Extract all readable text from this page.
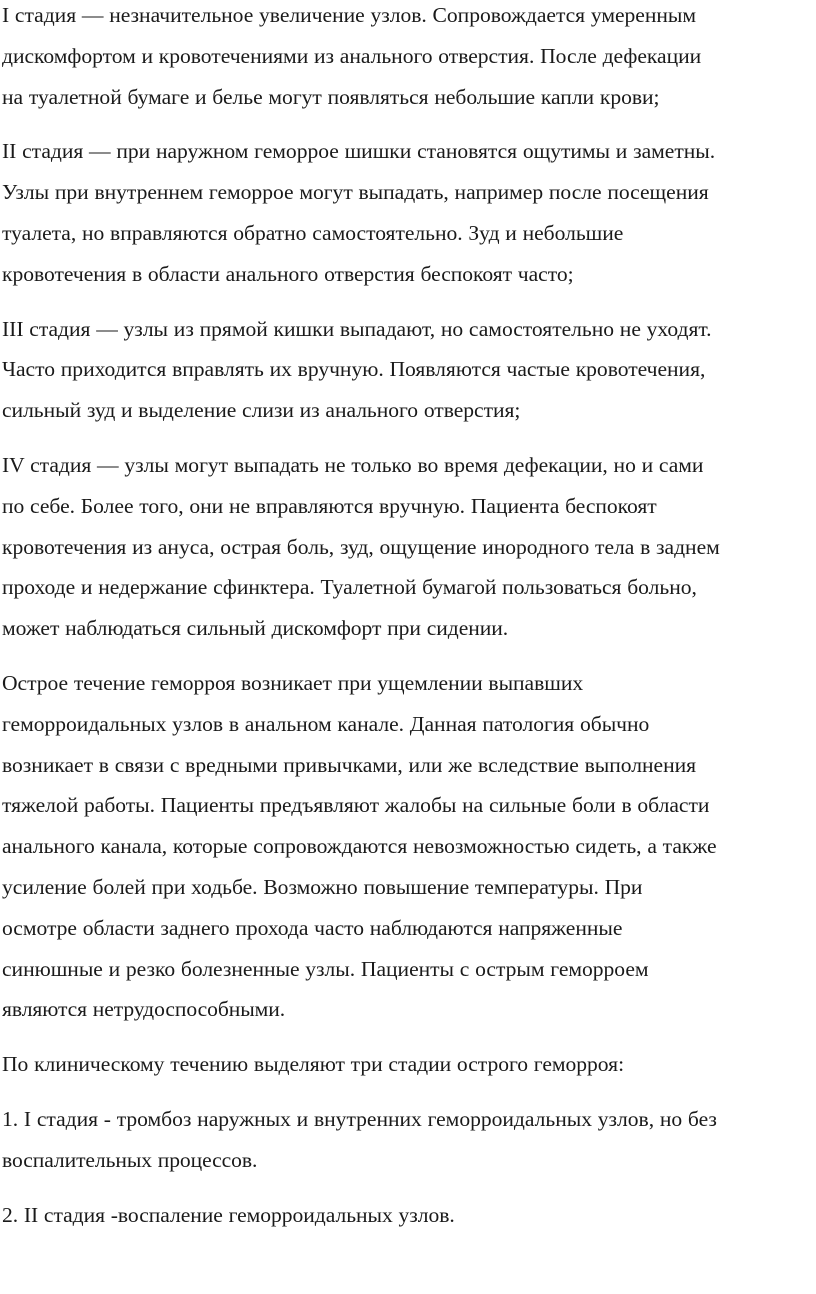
I стадия — незначительное увеличение узлов. Сопровождается умеренным
дискомфортом и кровотечениями из анального отверстия. После дефекации
на туалетной бумаге и белье могут появляться небольшие капли крови;

II стадия — при наружном геморрое шишки становятся ощутимы и заметны.
Узлы при внутреннем геморрое могут выпадать, например после посещения
туалета, но вправляются обратно самостоятельно. Зуд и небольшие
кровотечения в области анального отверстия беспокоят часто;

III стадия — узлы из прямой кишки выпадают, но самостоятельно не уходят.
Часто приходится вправлять их вручную. Появляются частые кровотечения,
сильный зуд и выделение слизи из анального отверстия;

IV стадия — узлы могут выпадать не только во время дефекации, но и сами
по себе. Более того, они не вправляются вручную. Пациента беспокоят
кровотечения из ануса, острая боль, зуд, ощущение инородного тела в заднем
проходе и недержание сфинктера. Туалетной бумагой пользоваться больно,
может наблюдаться сильный дискомфорт при сидении.

Острое течение геморроя возникает при ущемлении выпавших
геморроидальных узлов в анальном канале. Данная патология обычно
возникает в связи с вредными привычками, или же вследствие выполнения
тяжелой работы. Пациенты предъявляют жалобы на сильные боли в области
анального канала, которые сопровождаются невозможностью сидеть, а также
усиление болей при ходьбе. Возможно повышение температуры. При
осмотре области заднего прохода часто наблюдаются напряженные
синюшные и резко болезненные узлы. Пациенты с острым геморроем
являются нетрудоспособными.

По клиническому течению выделяют три стадии острого геморроя:

1. I стадия - тромбоз наружных и внутренних геморроидальных узлов, но без
воспалительных процессов.

2. II стадия -воспаление геморроидальных узлов.
